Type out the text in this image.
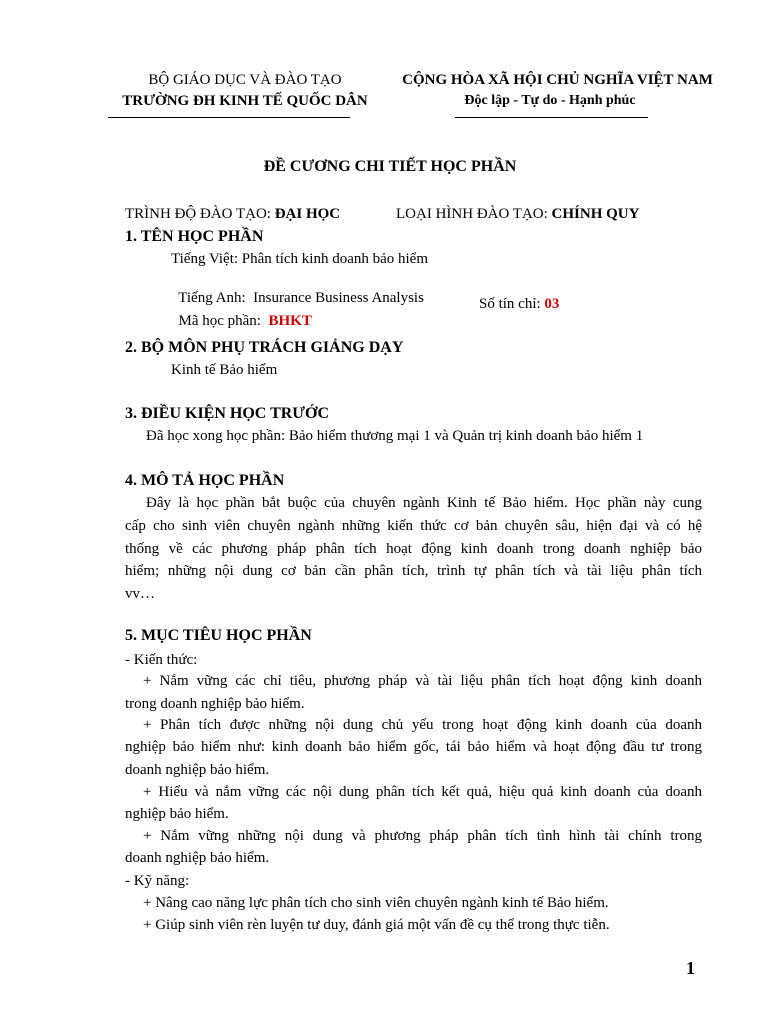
BỘ GIÁO DỤC VÀ ĐÀO TẠO
TRƯỜNG ĐH KINH TẾ QUỐC DÂN
CỘNG HÒA XÃ HỘI CHỦ NGHĨA VIỆT NAM
Độc lập - Tự do - Hạnh phúc
ĐỀ CƯƠNG CHI TIẾT HỌC PHẦN
TRÌNH ĐỘ ĐÀO TẠO: ĐẠI HỌC	LOẠI HÌNH ĐÀO TẠO: CHÍNH QUY
1. TÊN HỌC PHẦN
Tiếng Việt: Phân tích kinh doanh bảo hiểm

Tiếng Anh:  Insurance Business Analysis

Mã học phần:  BHKT

Số tín chỉ: 03
2. BỘ MÔN PHỤ TRÁCH GIẢNG DẠY
Kinh tế Bảo hiểm
3. ĐIỀU KIỆN HỌC TRƯỚC
Đã học xong học phần: Bảo hiểm thương mại 1 và Quản trị kinh doanh bảo hiểm 1
4. MÔ TẢ HỌC PHẦN
Đây là học phần bắt buộc của chuyên ngành Kinh tế Bảo hiểm. Học phần này cung
cấp cho sinh viên chuyên ngành những kiến thức cơ bản chuyên sâu, hiện đại và có hệ
thống về các phương pháp phân tích hoạt động kinh doanh trong doanh nghiệp bảo
hiểm; những nội dung cơ bản cần phân tích, trình tự phân tích và tài liệu phân tích
vv…
5. MỤC TIÊU HỌC PHẦN
- Kiến thức:
+ Nắm vững các chỉ tiêu, phương pháp và tài liệu phân tích hoạt động kinh doanh
trong doanh nghiệp bảo hiểm.
+ Phân tích được những nội dung chủ yếu trong hoạt động kinh doanh của doanh
nghiệp bảo hiểm như: kinh doanh bảo hiểm gốc, tái bảo hiểm và hoạt động đầu tư trong
doanh nghiệp bảo hiểm.
+ Hiểu và nắm vững các nội dung phân tích kết quả, hiệu quả kinh doanh của doanh
nghiệp bảo hiểm.
+ Nắm vững những nội dung và phương pháp phân tích tình hình tài chính trong
doanh nghiệp bảo hiểm.
- Kỹ năng:
+ Nâng cao năng lực phân tích cho sinh viên chuyên ngành kinh tế Bảo hiểm.
+ Giúp sinh viên rèn luyện tư duy, đánh giá một vấn đề cụ thể trong thực tiễn.
1
